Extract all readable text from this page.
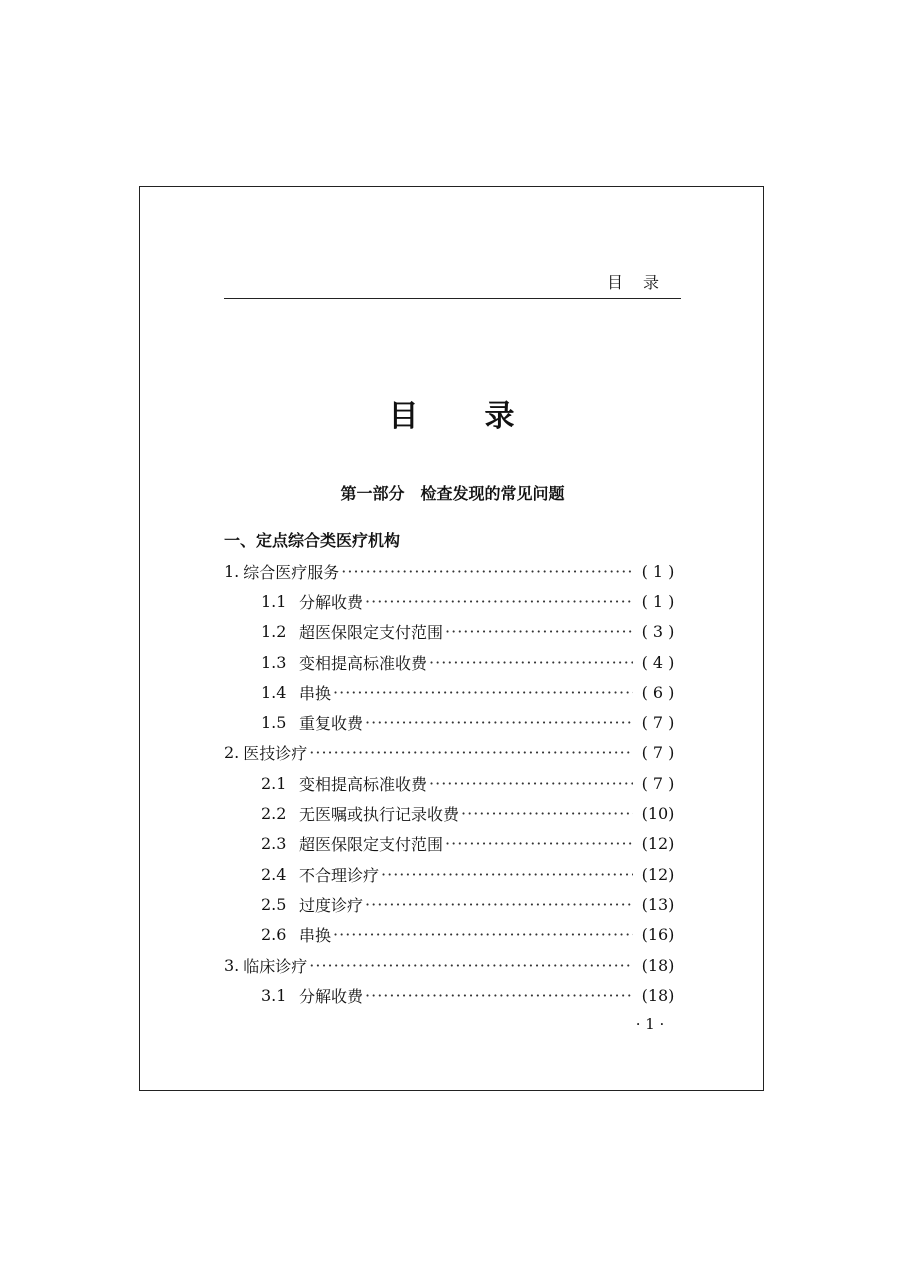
目　录
目　　录
第一部分　检查发现的常见问题
一、定点综合类医疗机构
1. 综合医疗服务 ·····	( 1 )
1.1 分解收费 ·····	( 1 )
1.2 超医保限定支付范围 ·····	( 3 )
1.3 变相提高标准收费 ·····	( 4 )
1.4 串换 ·····	( 6 )
1.5 重复收费 ·····	( 7 )
2. 医技诊疗 ·····	( 7 )
2.1 变相提高标准收费 ·····	( 7 )
2.2 无医嘱或执行记录收费 ·····	(10)
2.3 超医保限定支付范围 ·····	(12)
2.4 不合理诊疗 ·····	(12)
2.5 过度诊疗 ·····	(13)
2.6 串换 ·····	(16)
3. 临床诊疗 ·····	(18)
3.1 分解收费 ·····	(18)
· 1 ·
